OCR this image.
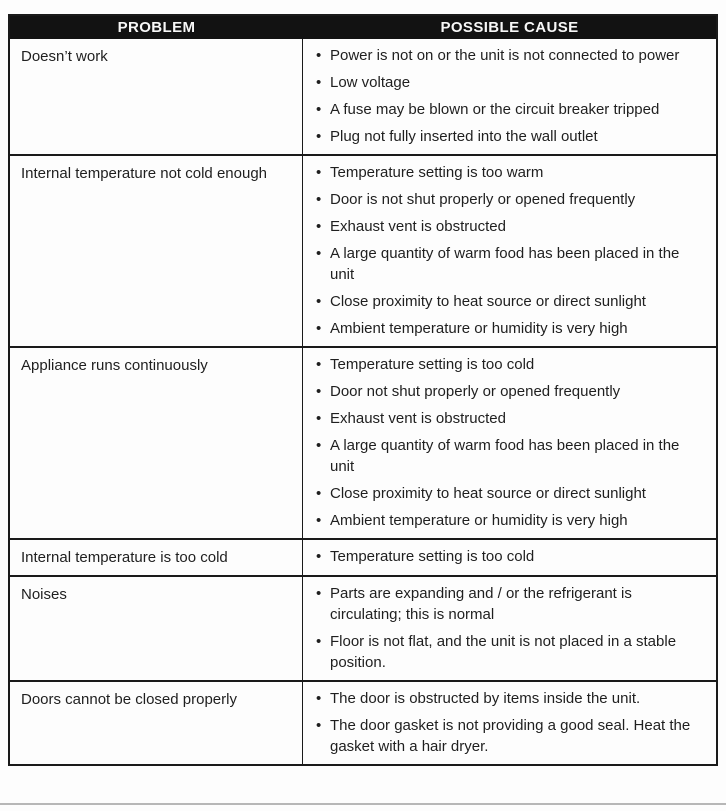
PROBLEM	POSSIBLE CAUSE
Doesn’t work	• Power is not on or the unit is not connected to power
• Low voltage
• A fuse may be blown or the circuit breaker tripped
• Plug not fully inserted into the wall outlet
Internal temperature not cold enough	• Temperature setting is too warm
• Door is not shut properly or opened frequently
• Exhaust vent is obstructed
• A large quantity of warm food has been placed in the unit
• Close proximity to heat source or direct sunlight
• Ambient temperature or humidity is very high
Appliance runs continuously	• Temperature setting is too cold
• Door not shut properly or opened frequently
• Exhaust vent is obstructed
• A large quantity of warm food has been placed in the unit
• Close proximity to heat source or direct sunlight
• Ambient temperature or humidity is very high
Internal temperature is too cold	• Temperature setting is too cold
Noises	• Parts are expanding and / or the refrigerant is circulating; this is normal
• Floor is not flat, and the unit is not placed in a stable position.
Doors cannot be closed properly	• The door is obstructed by items inside the unit.
• The door gasket is not providing a good seal. Heat the gasket with a hair dryer.
